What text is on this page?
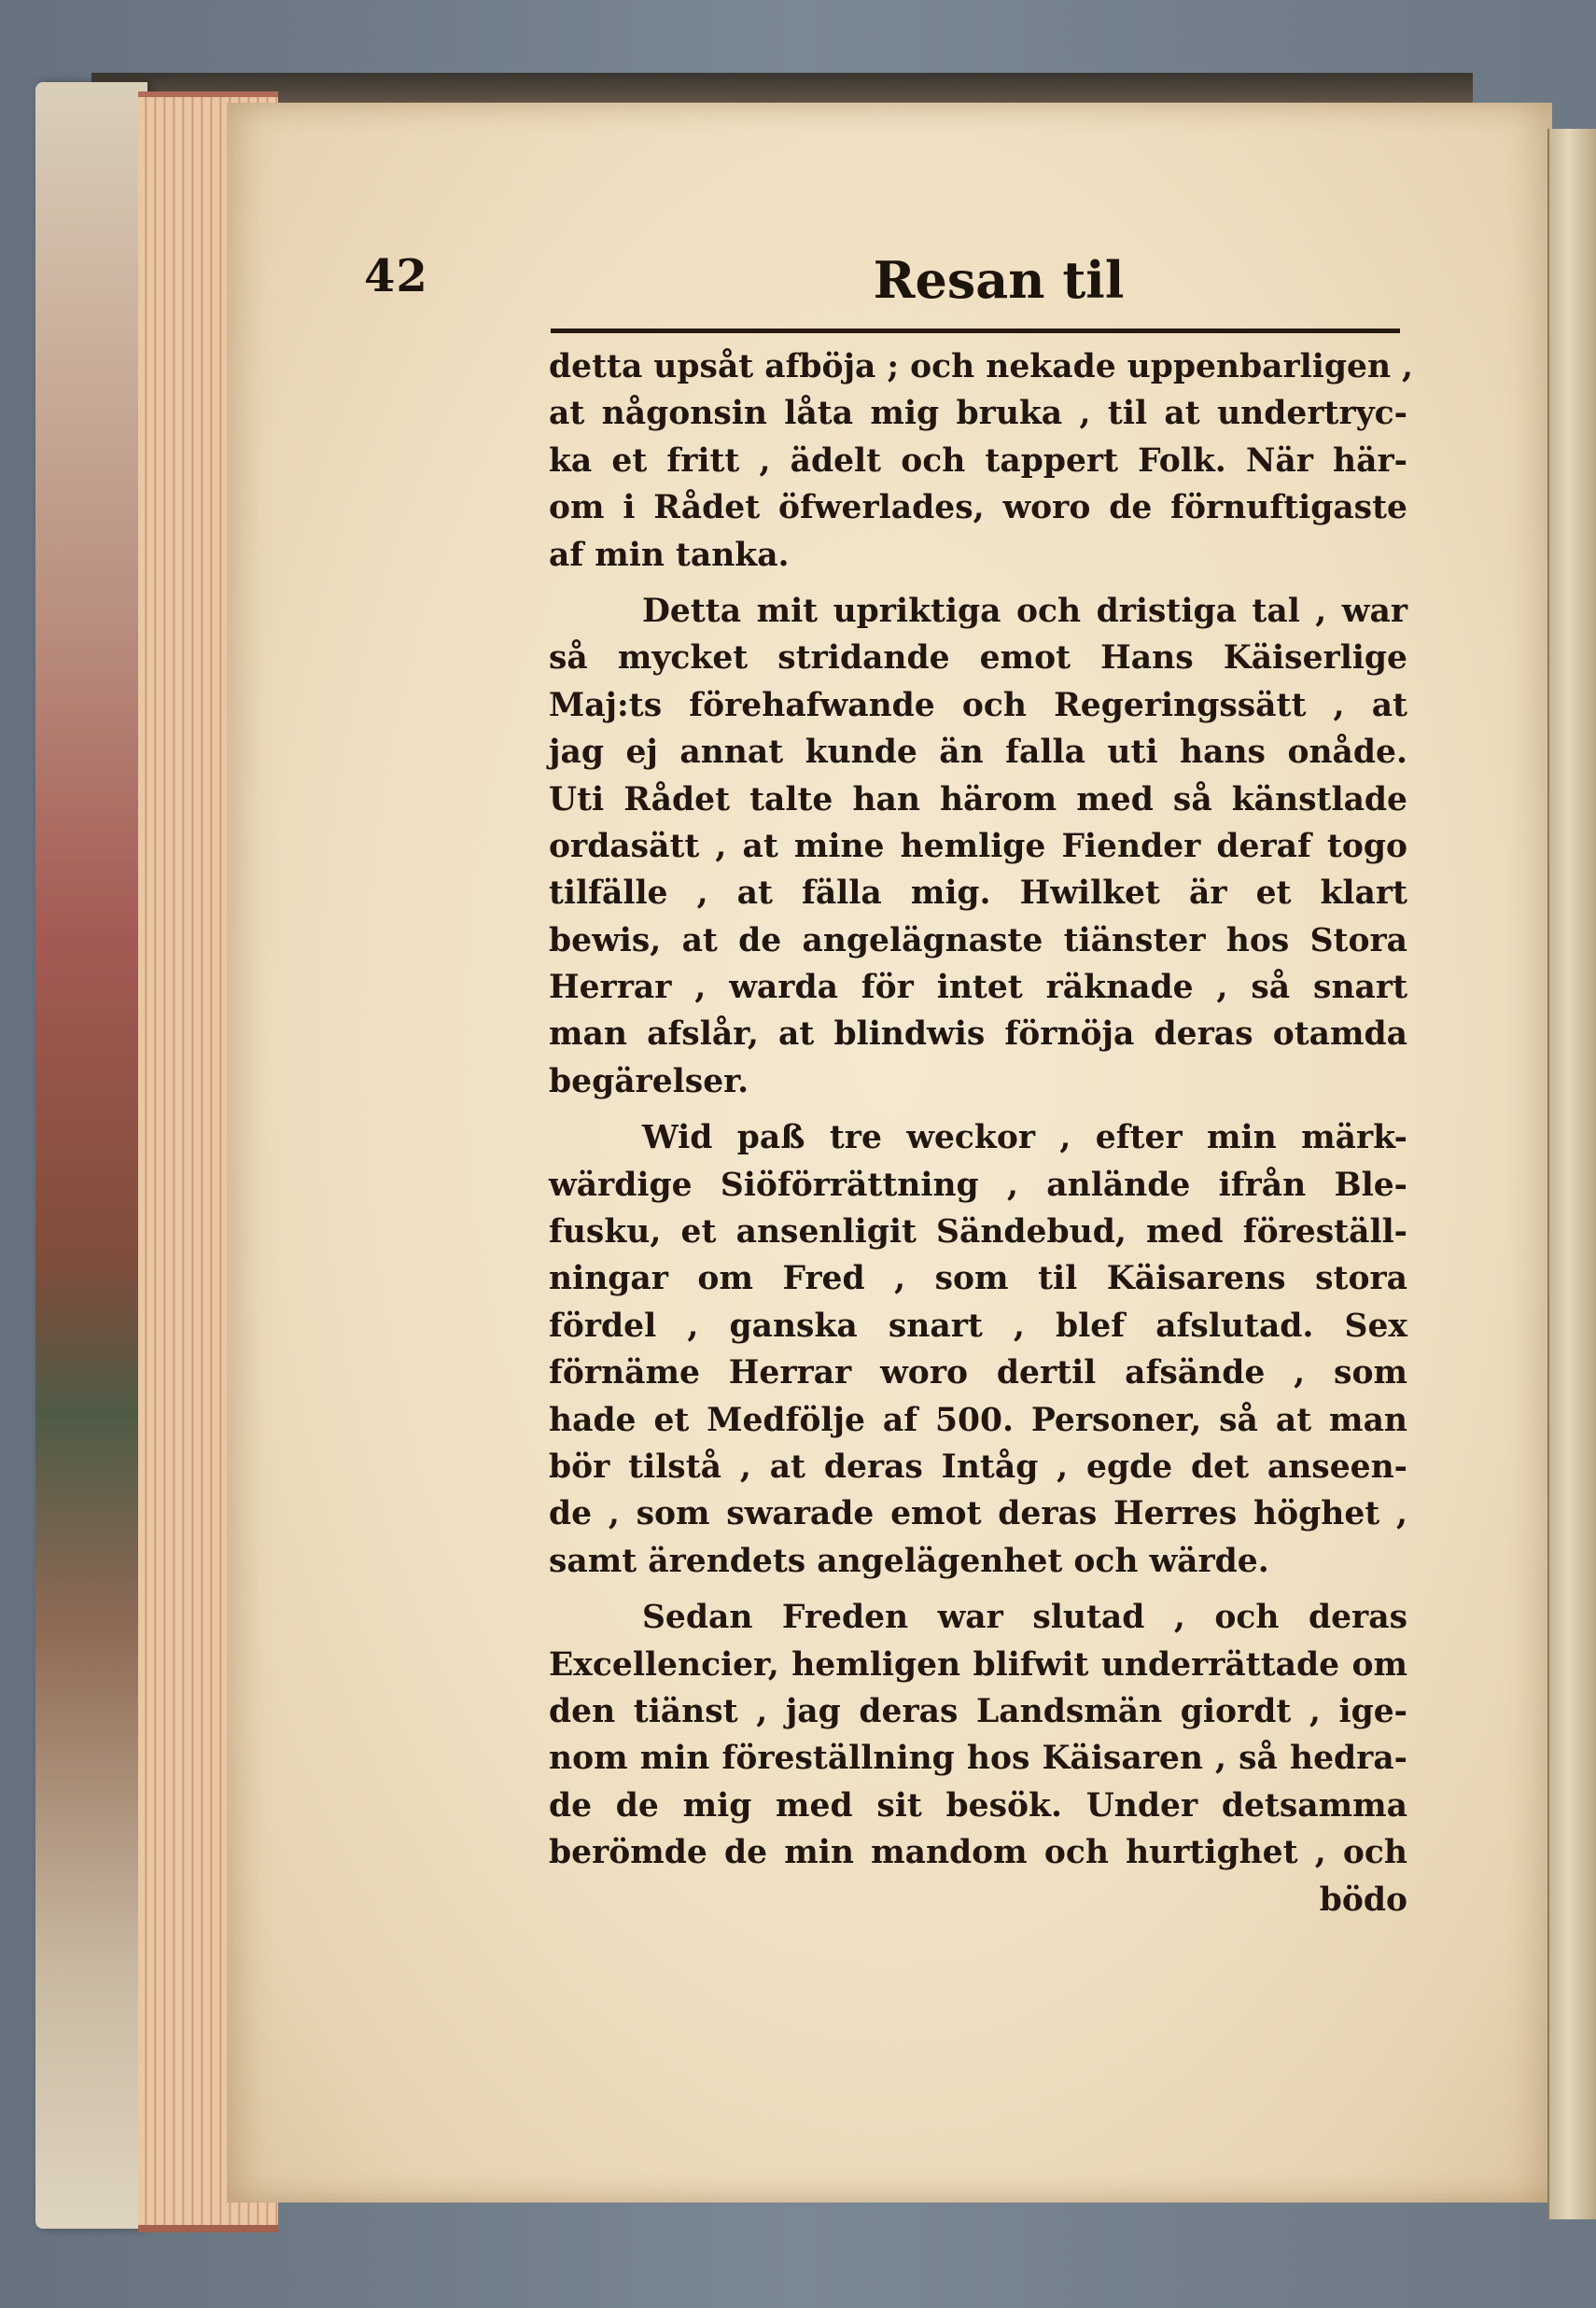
42	Resan til
detta upsåt afböja ; och nekade uppenbarligen ,
at någonsin låta mig bruka , til at undertryc-
ka et fritt , ädelt och tappert Folk. När här-
om i Rådet öfwerlades, woro de förnuftigaste
af min tanka.
Detta mit upriktiga och dristiga tal , war
så mycket stridande emot Hans Käiserlige
Maj:ts förehafwande och Regeringssätt , at
jag ej annat kunde än falla uti hans onåde.
Uti Rådet talte han härom med så känstlade
ordasätt , at mine hemlige Fiender deraf togo
tilfälle , at fälla mig. Hwilket är et klart
bewis, at de angelägnaste tiänster hos Stora
Herrar , warda för intet räknade , så snart
man afslår, at blindwis förnöja deras otamda
begärelser.
Wid paß tre weckor , efter min märk-
wärdige Siöförrättning , anlände ifrån Ble-
fusku, et ansenligit Sändebud, med föreställ-
ningar om Fred , som til Käisarens stora
fördel , ganska snart , blef afslutad. Sex
förnäme Herrar woro dertil afsände , som
hade et Medfölje af 500. Personer, så at man
bör tilstå , at deras Intåg , egde det anseen-
de , som swarade emot deras Herres höghet ,
samt ärendets angelägenhet och wärde.
Sedan Freden war slutad , och deras
Excellencier, hemligen blifwit underrättade om
den tiänst , jag deras Landsmän giordt , ige-
nom min föreställning hos Käisaren , så hedra-
de de mig med sit besök. Under detsamma
berömde de min mandom och hurtighet , och
bödo
